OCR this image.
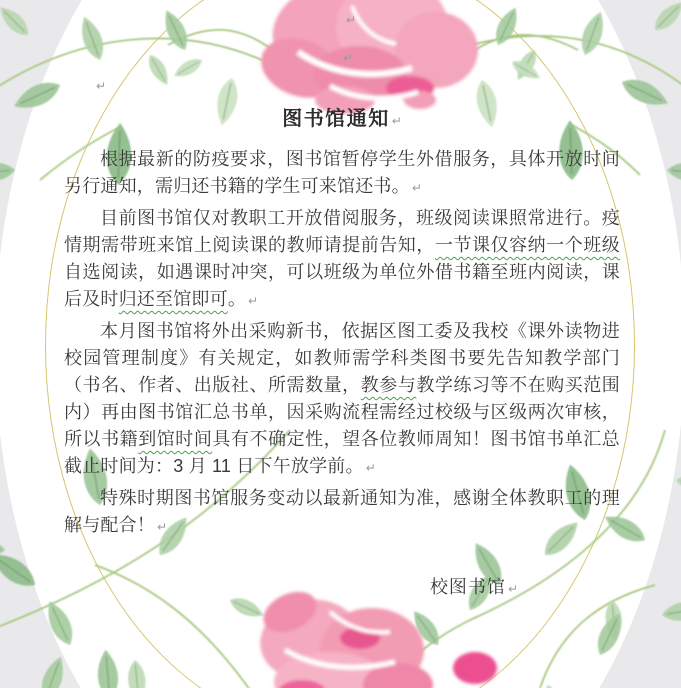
↵
↵
↵
图书馆通知 ↵

根据最新的防疫要求，图书馆暂停学生外借服务，具体开放时间另行通知，需归还书籍的学生可来馆还书。 ↵

目前图书馆仅对教职工开放借阅服务，班级阅读课照常进行。疫情期需带班来馆上阅读课的教师请提前告知，一节课仅容纳一个班级自选阅读，如遇课时冲突，可以班级为单位外借书籍至班内阅读，课后及时归还至馆即可。 ↵

本月图书馆将外出采购新书，依据区图工委及我校《课外读物进校园管理制度》有关规定，如教师需学科类图书要先告知教学部门（书名、作者、出版社、所需数量，教参与教学练习等不在购买范围内）再由图书馆汇总书单，因采购流程需经过校级与区级两次审核，所以书籍到馆时间具有不确定性，望各位教师周知！图书馆书单汇总截止时间为：3 月 11 日下午放学前。 ↵

特殊时期图书馆服务变动以最新通知为准，感谢全体教职工的理解与配合！ ↵

校图书馆 ↵
